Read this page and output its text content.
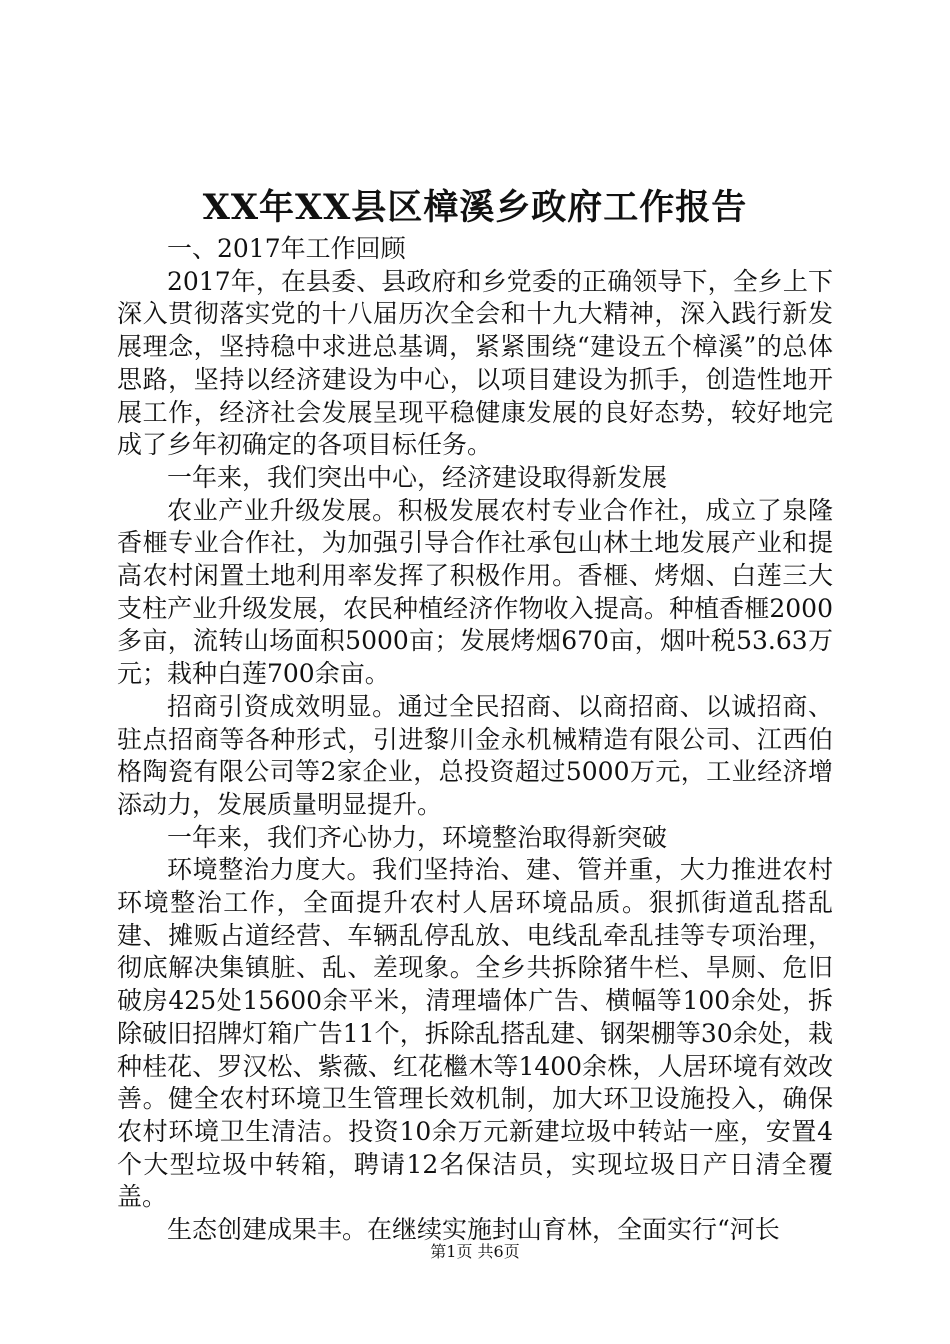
XX年XX县区樟溪乡政府工作报告

一、2017年工作回顾

2017年，在县委、县政府和乡党委的正确领导下，全乡上下深入贯彻落实党的十八届历次全会和十九大精神，深入践行新发展理念，坚持稳中求进总基调，紧紧围绕“建设五个樟溪”的总体思路，坚持以经济建设为中心，以项目建设为抓手，创造性地开展工作，经济社会发展呈现平稳健康发展的良好态势，较好地完成了乡年初确定的各项目标任务。

一年来，我们突出中心，经济建设取得新发展

农业产业升级发展。积极发展农村专业合作社，成立了泉隆香榧专业合作社，为加强引导合作社承包山林土地发展产业和提高农村闲置土地利用率发挥了积极作用。香榧、烤烟、白莲三大支柱产业升级发展，农民种植经济作物收入提高。种植香榧2000多亩，流转山场面积5000亩；发展烤烟670亩，烟叶税53.63万元；栽种白莲700余亩。

招商引资成效明显。通过全民招商、以商招商、以诚招商、驻点招商等各种形式，引进黎川金永机械精造有限公司、江西伯格陶瓷有限公司等2家企业，总投资超过5000万元，工业经济增添动力，发展质量明显提升。

一年来，我们齐心协力，环境整治取得新突破

环境整治力度大。我们坚持治、建、管并重，大力推进农村环境整治工作，全面提升农村人居环境品质。狠抓街道乱搭乱建、摊贩占道经营、车辆乱停乱放、电线乱牵乱挂等专项治理，彻底解决集镇脏、乱、差现象。全乡共拆除猪牛栏、旱厕、危旧破房425处15600余平米，清理墙体广告、横幅等100余处，拆除破旧招牌灯箱广告11个，拆除乱搭乱建、钢架棚等30余处，栽种桂花、罗汉松、紫薇、红花檵木等1400余株，人居环境有效改善。健全农村环境卫生管理长效机制，加大环卫设施投入，确保农村环境卫生清洁。投资10余万元新建垃圾中转站一座，安置4个大型垃圾中转箱，聘请12名保洁员，实现垃圾日产日清全覆盖。

生态创建成果丰。在继续实施封山育林，全面实行“河长

第1页 共6页
